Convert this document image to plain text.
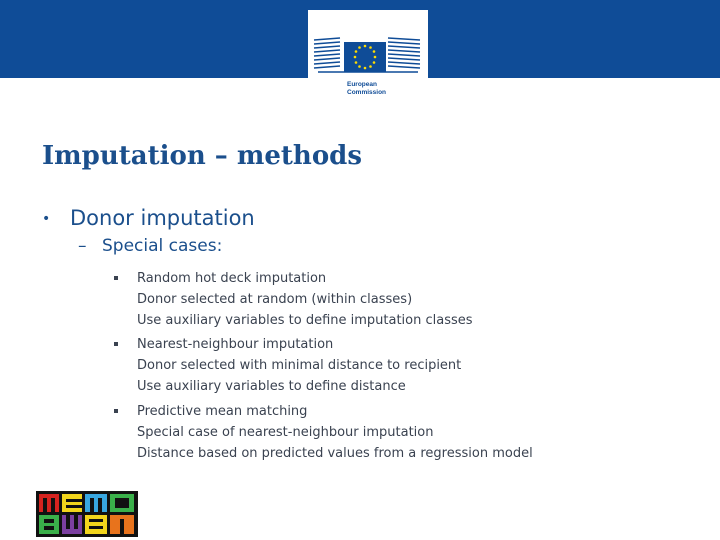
European
Commission
Imputation – methods
• Donor imputation
– Special cases:
Random hot deck imputation
Donor selected at random (within classes)
Use auxiliary variables to define imputation classes
Nearest-neighbour imputation
Donor selected with minimal distance to recipient
Use auxiliary variables to define distance
Predictive mean matching
Special case of nearest-neighbour imputation
Distance based on predicted values from a regression model
